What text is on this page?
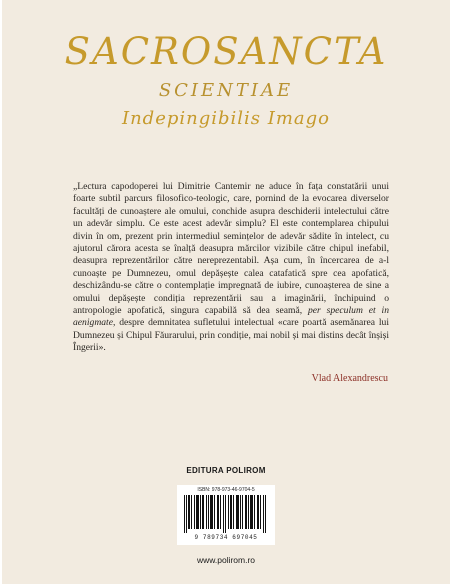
SACROSANCTA
SCIENTIAE
Indepingibilis Imago

„Lectura capodoperei lui Dimitrie Cantemir ne aduce în fața constatării unui foarte subtil parcurs filosofico-teologic, care, pornind de la evocarea diverselor facultăți de cunoaștere ale omului, conchide asupra deschiderii intelectului către un adevăr simplu. Ce este acest adevăr simplu? El este contemplarea chipului divin în om, prezent prin intermediul semințelor de adevăr sădite în intelect, cu ajutorul cărora acesta se înalță deasupra mărcilor vizibile către chipul inefabil, deasupra reprezentărilor către nereprezentabil. Așa cum, în încercarea de a-l cunoaște pe Dumnezeu, omul depășește calea catafatică spre cea apofatică, deschizându-se către o contemplație impregnată de iubire, cunoașterea de sine a omului depășește condiția reprezentării sau a imaginării, închipuind o antropologie apofatică, singura capabilă să dea seamă, per speculum et in aenigmate, despre demnitatea sufletului intelectual «care poartă asemănarea lui Dumnezeu și Chipul Făurarului, prin condiție, mai nobil și mai distins decât înșiși Îngerii».

Vlad Alexandrescu
EDITURA POLIROM
ISBN: 978-973-46-9704-5
9 789734 697045
www.polirom.ro
